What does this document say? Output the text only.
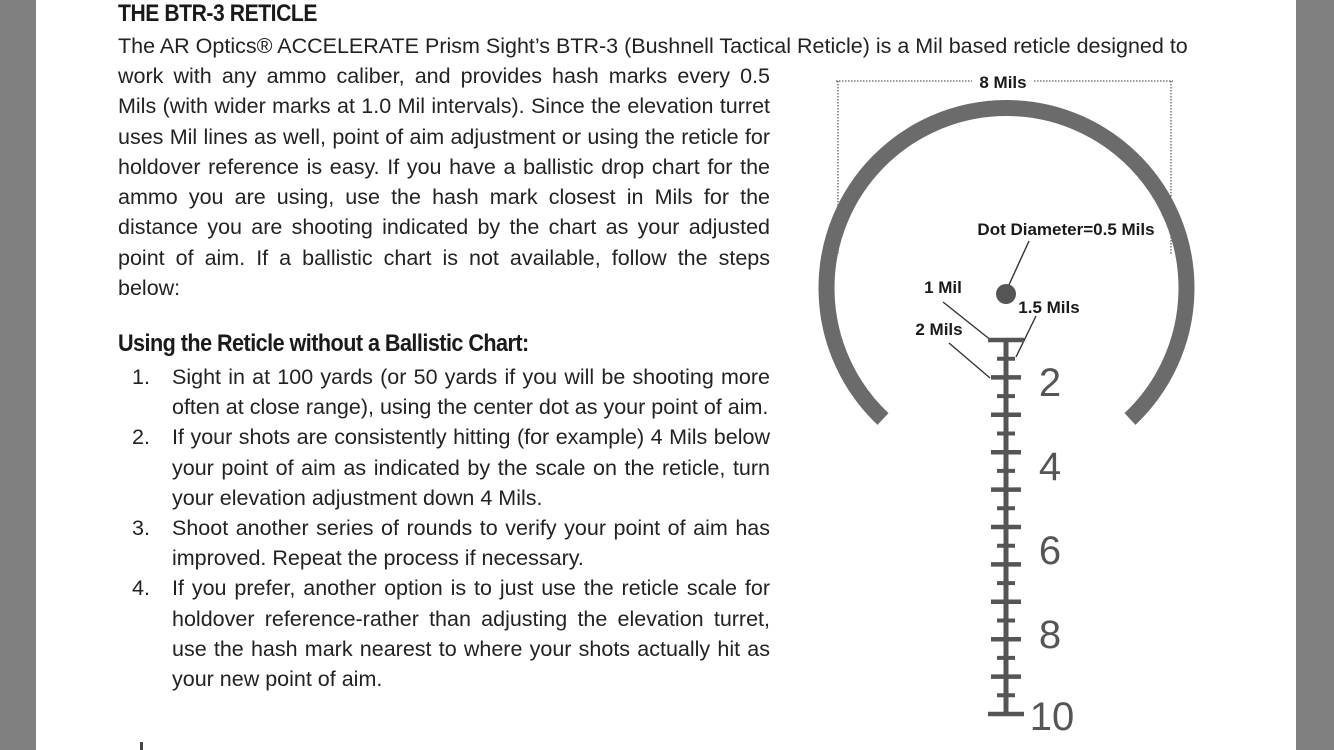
THE BTR-3 RETICLE

The AR Optics® ACCELERATE Prism Sight’s BTR-3 (Bushnell Tactical Reticle) is a Mil based reticle designed to

work with any ammo caliber, and provides hash marks every 0.5 Mils (with wider marks at 1.0 Mil intervals). Since the elevation turret uses Mil lines as well, point of aim adjustment or using the reticle for holdover reference is easy. If you have a ballistic drop chart for the ammo you are using, use the hash mark closest in Mils for the distance you are shooting indicated by the chart as your adjusted point of aim. If a ballistic chart is not available, follow the steps below:

Using the Reticle without a Ballistic Chart:
1. Sight in at 100 yards (or 50 yards if you will be shooting more often at close range), using the center dot as your point of aim.
2. If your shots are consistently hitting (for example) 4 Mils below your point of aim as indicated by the scale on the reticle, turn your elevation adjustment down 4 Mils.
3. Shoot another series of rounds to verify your point of aim has improved. Repeat the process if necessary.
4. If you prefer, another option is to just use the reticle scale for holdover reference-rather than adjusting the elevation turret, use the hash mark nearest to where your shots actually hit as your new point of aim.
8 Mils
Dot Diameter=0.5 Mils
1 Mil
1.5 Mils
2 Mils
2
4
6
8
10
